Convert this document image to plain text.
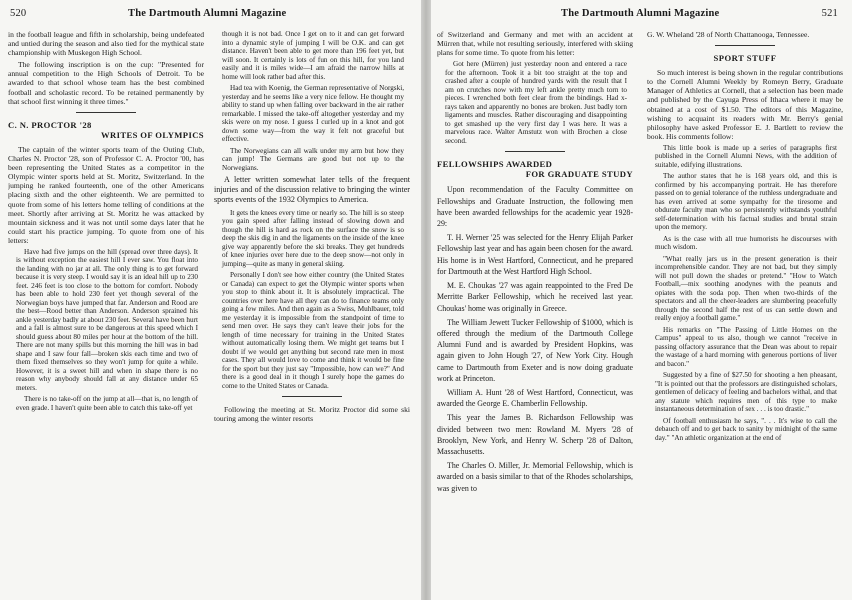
520	The Dartmouth Alumni Magazine

in the football league and fifth in scholarship, being undefeated and untied during the season and also tied for the mythical state championship with Muskegon High School.

The following inscription is on the cup: "Presented for annual competition to the High Schools of Detroit. To be awarded to that school whose team has the best combined football and scholastic record. To be retained permanently by that school first winning it three times."

C. N. PROCTOR '28
WRITES OF OLYMPICS

The captain of the winter sports team of the Outing Club, Charles N. Proctor '28, son of Professor C. A. Proctor '00, has been representing the United States as a competitor in the Olympic winter sports held at St. Moritz, Switzerland. In the jumping he ranked fourteenth, one of the other Americans placing sixth and the other eighteenth. We are permitted to quote from some of his letters home telling of conditions at the meet. Shortly after arriving at St. Moritz he was attacked by mountain sickness and it was not until some days later that he could start his practice jumping. To quote from one of his letters:

Have had five jumps on the hill (spread over three days). It is without exception the easiest hill I ever saw. You float into the landing with no jar at all. The only thing is to get forward because it is very steep. I would say it is an ideal hill up to 230 feet. 246 feet is too close to the bottom for comfort. Nobody has been able to hold 230 feet yet though several of the Norwegian boys have jumped that far. Anderson and Rood are the best—Rood better than Anderson. Anderson sprained his ankle yesterday badly at about 230 feet. Several have been hurt and a fall is almost sure to be dangerous at this speed which I should guess about 80 miles per hour at the bottom of the hill. There are not many spills but this morning the hill was in bad shape and I saw four fall—broken skis each time and two of them fixed themselves so they won't jump for quite a while. However, it is a sweet hill and when in shape there is no reason why anybody should fall at any distance under 65 meters.

There is no take-off on the jump at all—that is, no length of even grade. I haven't quite been able to catch this take-off yet

though it is not bad. Once I get on to it and can get forward into a dynamic style of jumping I will be O.K. and can get distance. Haven't been able to get more than 196 feet yet, but will soon. It certainly is lots of fun on this hill, for you land easily and it is miles wide—I am afraid the narrow hills at home will look rather bad after this.

Had tea with Koenig, the German representative of Norgski, yesterday and he seems like a very nice fellow. He thought my ability to stand up when falling over backward in the air rather remarkable. I missed the take-off altogether yesterday and my skis were on my nose. I guess I curled up in a knot and got down some way—from the way it felt not graceful but effective.

The Norwegians can all walk under my arm but how they can jump! The Germans are good but not up to the Norwegians.

A letter written somewhat later tells of the frequent injuries and of the discussion relative to bringing the winter sports events of the 1932 Olympics to America.

It gets the knees every time or nearly so. The hill is so steep you gain speed after falling instead of slowing down and though the hill is hard as rock on the surface the snow is so deep the skis dig in and the ligaments on the inside of the knee give way apparently before the ski breaks. They get hundreds of knee injuries over here due to the deep snow—not only in jumping—quite as many in general skiing.

Personally I don't see how either country (the United States or Canada) can expect to get the Olympic winter sports when you stop to think about it. It is absolutely impractical. The countries over here have all they can do to finance teams only going a few miles. And then again as a Swiss, Muhlbauer, told me yesterday it is impossible from the standpoint of time to send men over. He says they can't leave their jobs for the length of time necessary for training in the United States without automatically losing them. We might get teams but I doubt if we would get anything but second rate men in most cases. They all would love to come and think it would be fine for the sport but they just say "Impossible, how can we?" And there is a good deal in it though I surely hope the games do come to the United States or Canada.

Following the meeting at St. Moritz Proctor did some ski touring among the winter resorts

The Dartmouth Alumni Magazine	521

of Switzerland and Germany and met with an accident at Mürren that, while not resulting seriously, interfered with skiing plans for some time. To quote from his letter:

Got here (Mürren) just yesterday noon and entered a race for the afternoon. Took it a bit too straight at the top and crashed after a couple of hundred yards with the result that I am on crutches now with my left ankle pretty much torn to pieces. I wrenched both feet clear from the bindings. Had x-rays taken and apparently no bones are broken. Just badly torn ligaments and muscles. Rather discouraging and disappointing to get smashed up the very first day I was here. It was a marvelous race. Walter Amstutz won with Brochen a close second.

FELLOWSHIPS AWARDED
FOR GRADUATE STUDY

Upon recommendation of the Faculty Committee on Fellowships and Graduate Instruction, the following men have been awarded fellowships for the academic year 1928-29:

T. H. Werner '25 was selected for the Henry Elijah Parker Fellowship last year and has again been chosen for the award. His home is in West Hartford, Connecticut, and he prepared for Dartmouth at the West Hartford High School.

M. E. Choukas '27 was again reappointed to the Fred De Merritte Barker Fellowship, which he received last year. Choukas' home was originally in Greece.

The William Jewett Tucker Fellowship of $1000, which is offered through the medium of the Dartmouth College Alumni Fund and is awarded by President Hopkins, was again given to John Hough '27, of New York City. Hough came to Dartmouth from Exeter and is now doing graduate work at Princeton.

William A. Hunt '28 of West Hartford, Connecticut, was awarded the George E. Chamberlin Fellowship.

This year the James B. Richardson Fellowship was divided between two men: Rowland M. Myers '28 of Brooklyn, New York, and Henry W. Scherp '28 of Dalton, Massachusetts.

The Charles O. Miller, Jr. Memorial Fellowship, which is awarded on a basis similar to that of the Rhodes scholarships, was given to

G. W. Wheland '28 of North Chattanooga, Tennessee.

SPORT STUFF

So much interest is being shown in the regular contributions to the Cornell Alumni Weekly by Romeyn Berry, Graduate Manager of Athletics at Cornell, that a selection has been made and published by the Cayuga Press of Ithaca where it may be obtained at a cost of $1.50. The editors of this Magazine, wishing to acquaint its readers with Mr. Berry's genial philosophy have asked Professor E. J. Bartlett to review the book. His comments follow:

This little book is made up a series of paragraphs first published in the Cornell Alumni News, with the addition of suitable, edifying illustrations.

The author states that he is 168 years old, and this is confirmed by his accompanying portrait. He has therefore passed on to genial tolerance of the ruthless undergraduate and has even arrived at some sympathy for the tiresome and obdurate faculty man who so persistently withstands youthful self-determination with his factual studies and brutal strain upon the memory.

As is the case with all true humorists he discourses with much wisdom.

"What really jars us in the present generation is their incomprehensible candor. They are not bad, but they simply will not pull down the shades or pretend." "How to Watch Football,—mix soothing anodynes with the peanuts and opiates with the soda pop. Then when two-thirds of the spectators and all the cheer-leaders are slumbering peacefully through the second half the rest of us can settle down and really enjoy a football game."

His remarks on "The Passing of Little Homes on the Campus" appeal to us also, though we cannot "receive in passing olfactory assurance that the Dean was about to repair the wastage of a hard morning with generous portions of liver and bacon."

Suggested by a fine of $27.50 for shooting a hen pheasant, "It is pointed out that the professors are distinguished scholars, gentlemen of delicacy of feeling and bachelors withal, and that any statute which requires men of this type to make instantaneous determination of sex . . . is too drastic."

Of football enthusiasm he says, ". . . It's wise to call the debauch off and to get back to sanity by midnight of the same day." "An athletic organization at the end of
